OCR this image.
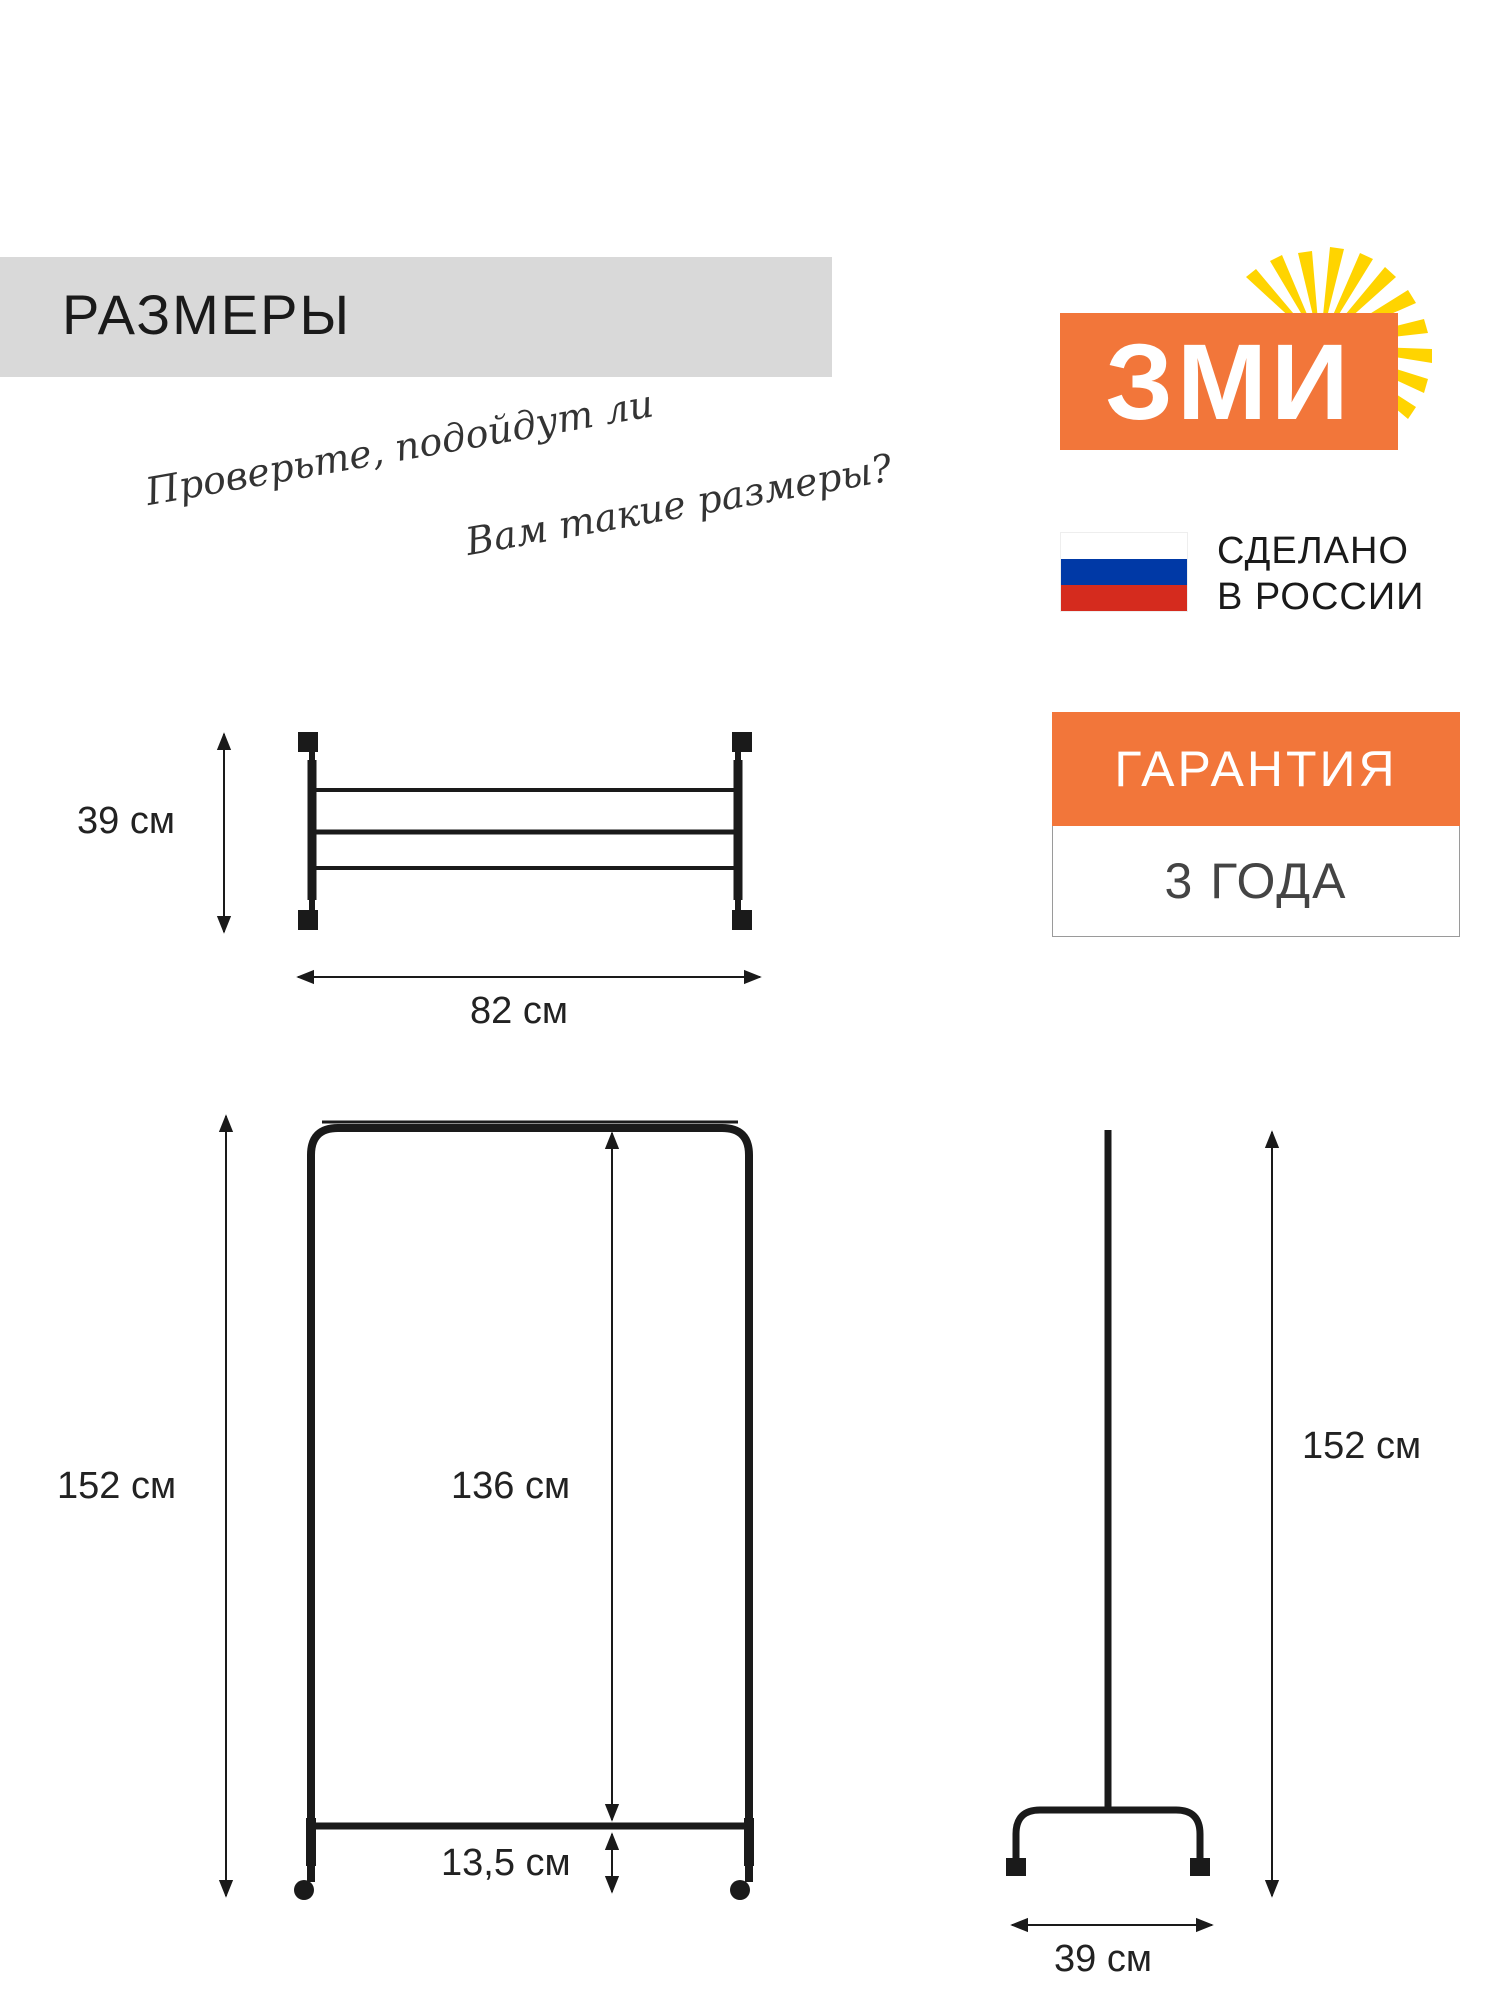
РАЗМЕРЫ
Проверьте, подойдут ли
Вам такие размеры?
ЗМИ
СДЕЛАНО
В РОССИИ
ГАРАНТИЯ
3 ГОДА
39 см
82 см
152 см	136 см
13,5 см
152 см
39 см
